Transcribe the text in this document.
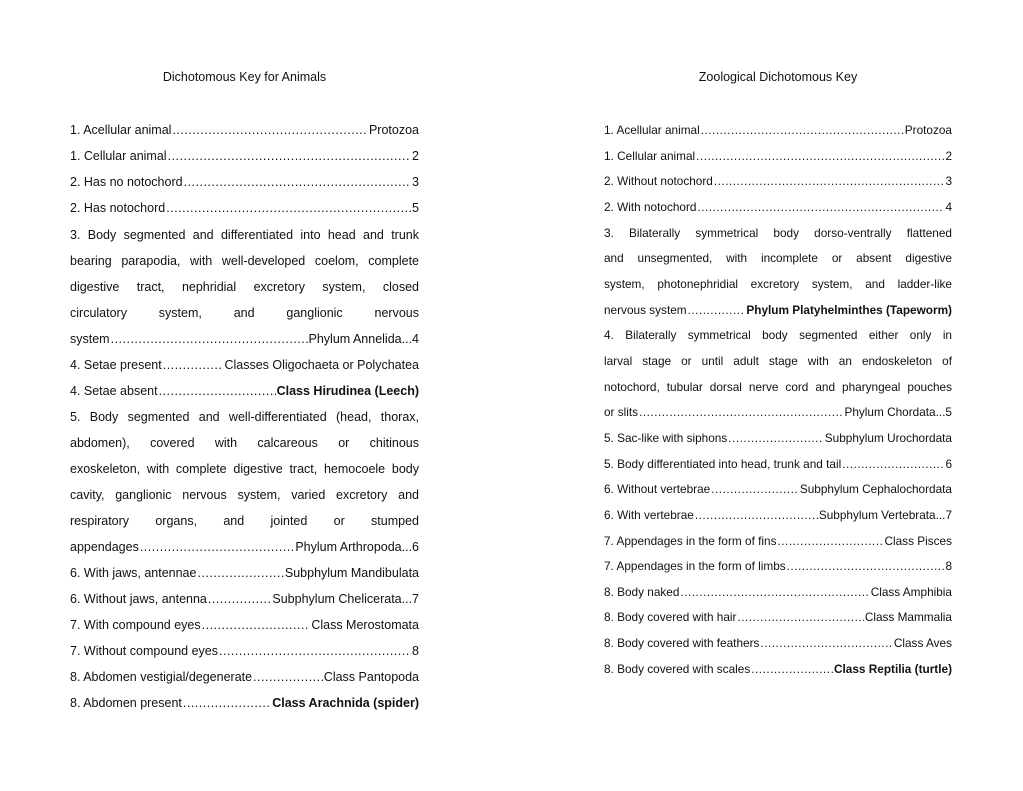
Dichotomous Key for Animals
1. Acellular animal .....	Protozoa
1. Cellular animal .....	2
2. Has no notochord .....	3
2. Has notochord .....	5
3. Body segmented and differentiated into head and trunk
bearing parapodia, with well-developed coelom, complete
digestive tract, nephridial excretory system, closed
circulatory system, and ganglionic nervous
system .....	Phylum Annelida...4
4. Setae present .....	Classes Oligochaeta or Polychatea
4. Setae absent .....	Class Hirudinea (Leech)
5. Body segmented and well-differentiated (head, thorax,
abdomen), covered with calcareous or chitinous
exoskeleton, with complete digestive tract, hemocoele body
cavity, ganglionic nervous system, varied excretory and
respiratory organs, and jointed or stumped
appendages .....	Phylum Arthropoda...6
6. With jaws, antennae .....	Subphylum Mandibulata
6. Without jaws, antenna .....	Subphylum Chelicerata...7
7. With compound eyes .....	Class Merostomata
7. Without compound eyes .....	8
8. Abdomen vestigial/degenerate .....	Class Pantopoda
8. Abdomen present .....	Class Arachnida (spider)
Zoological Dichotomous Key
1. Acellular animal .....	Protozoa
1. Cellular animal .....	2
2. Without notochord .....	3
2. With notochord .....	4
3. Bilaterally symmetrical body dorso-ventrally flattened
and unsegmented, with incomplete or absent digestive
system, photonephridial excretory system, and ladder-like
nervous system .....	Phylum Platyhelminthes (Tapeworm)
4. Bilaterally symmetrical body segmented either only in
larval stage or until adult stage with an endoskeleton of
notochord, tubular dorsal nerve cord and pharyngeal pouches
or slits .....	Phylum Chordata...5
5. Sac-like with siphons .....	Subphylum Urochordata
5. Body differentiated into head, trunk and tail .....	6
6. Without vertebrae .....	Subphylum Cephalochordata
6. With vertebrae .....	Subphylum Vertebrata...7
7. Appendages in the form of fins .....	Class Pisces
7. Appendages in the form of limbs .....	8
8. Body naked .....	Class Amphibia
8. Body covered with hair .....	Class Mammalia
8. Body covered with feathers .....	Class Aves
8. Body covered with scales .....	Class Reptilia (turtle)
